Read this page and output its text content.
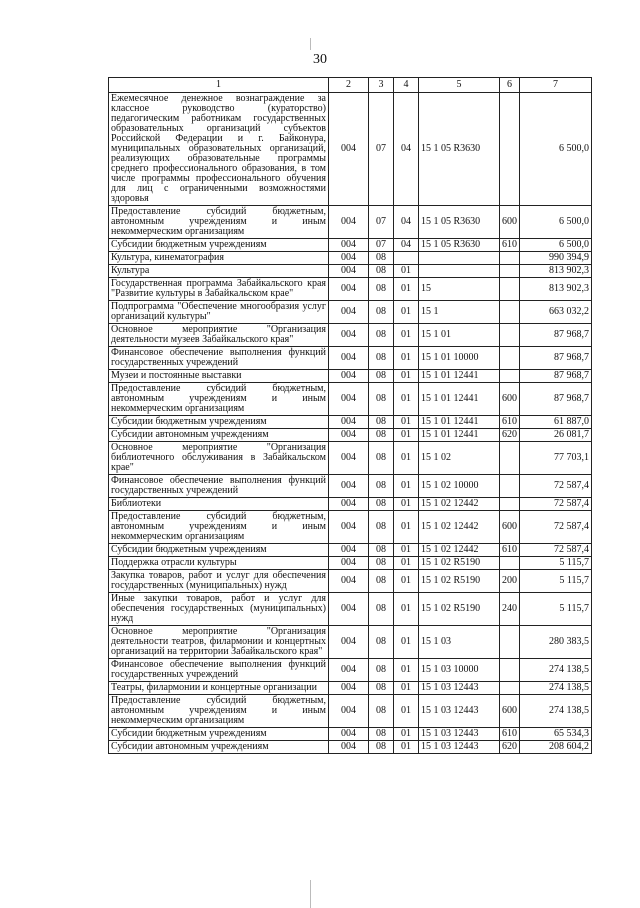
30
1	2	3	4	5	6	7
Ежемесячное денежное вознаграждение за классное руководство (кураторство) педагогическим работникам государственных образовательных организаций субъектов Российской Федерации и г. Байконура, муниципальных образовательных организаций, реализующих образовательные программы среднего профессионального образования, в том числе программы профессионального обучения для лиц с ограниченными возможностями здоровья	004	07	04	15 1 05 R3630		6 500,0
Предоставление субсидий бюджетным, автономным учреждениям и иным некоммерческим организациям	004	07	04	15 1 05 R3630	600	6 500,0
Субсидии бюджетным учреждениям	004	07	04	15 1 05 R3630	610	6 500,0
Культура, кинематография	004	08				990 394,9
Культура	004	08	01			813 902,3
Государственная программа Забайкальского края "Развитие культуры в Забайкальском крае"	004	08	01	15		813 902,3
Подпрограмма "Обеспечение многообразия услуг организаций культуры"	004	08	01	15 1		663 032,2
Основное мероприятие "Организация деятельности музеев Забайкальского края"	004	08	01	15 1 01		87 968,7
Финансовое обеспечение выполнения функций государственных учреждений	004	08	01	15 1 01 10000		87 968,7
Музеи и постоянные выставки	004	08	01	15 1 01 12441		87 968,7
Предоставление субсидий бюджетным, автономным учреждениям и иным некоммерческим организациям	004	08	01	15 1 01 12441	600	87 968,7
Субсидии бюджетным учреждениям	004	08	01	15 1 01 12441	610	61 887,0
Субсидии автономным учреждениям	004	08	01	15 1 01 12441	620	26 081,7
Основное мероприятие "Организация библиотечного обслуживания в Забайкальском крае"	004	08	01	15 1 02		77 703,1
Финансовое обеспечение выполнения функций государственных учреждений	004	08	01	15 1 02 10000		72 587,4
Библиотеки	004	08	01	15 1 02 12442		72 587,4
Предоставление субсидий бюджетным, автономным учреждениям и иным некоммерческим организациям	004	08	01	15 1 02 12442	600	72 587,4
Субсидии бюджетным учреждениям	004	08	01	15 1 02 12442	610	72 587,4
Поддержка отрасли культуры	004	08	01	15 1 02 R5190		5 115,7
Закупка товаров, работ и услуг для обеспечения государственных (муниципальных) нужд	004	08	01	15 1 02 R5190	200	5 115,7
Иные закупки товаров, работ и услуг для обеспечения государственных (муниципальных) нужд	004	08	01	15 1 02 R5190	240	5 115,7
Основное мероприятие "Организация деятельности театров, филармонии и концертных организаций на территории Забайкальского края"	004	08	01	15 1 03		280 383,5
Финансовое обеспечение выполнения функций государственных учреждений	004	08	01	15 1 03 10000		274 138,5
Театры, филармонии и концертные организации	004	08	01	15 1 03 12443		274 138,5
Предоставление субсидий бюджетным, автономным учреждениям и иным некоммерческим организациям	004	08	01	15 1 03 12443	600	274 138,5
Субсидии бюджетным учреждениям	004	08	01	15 1 03 12443	610	65 534,3
Субсидии автономным учреждениям	004	08	01	15 1 03 12443	620	208 604,2
